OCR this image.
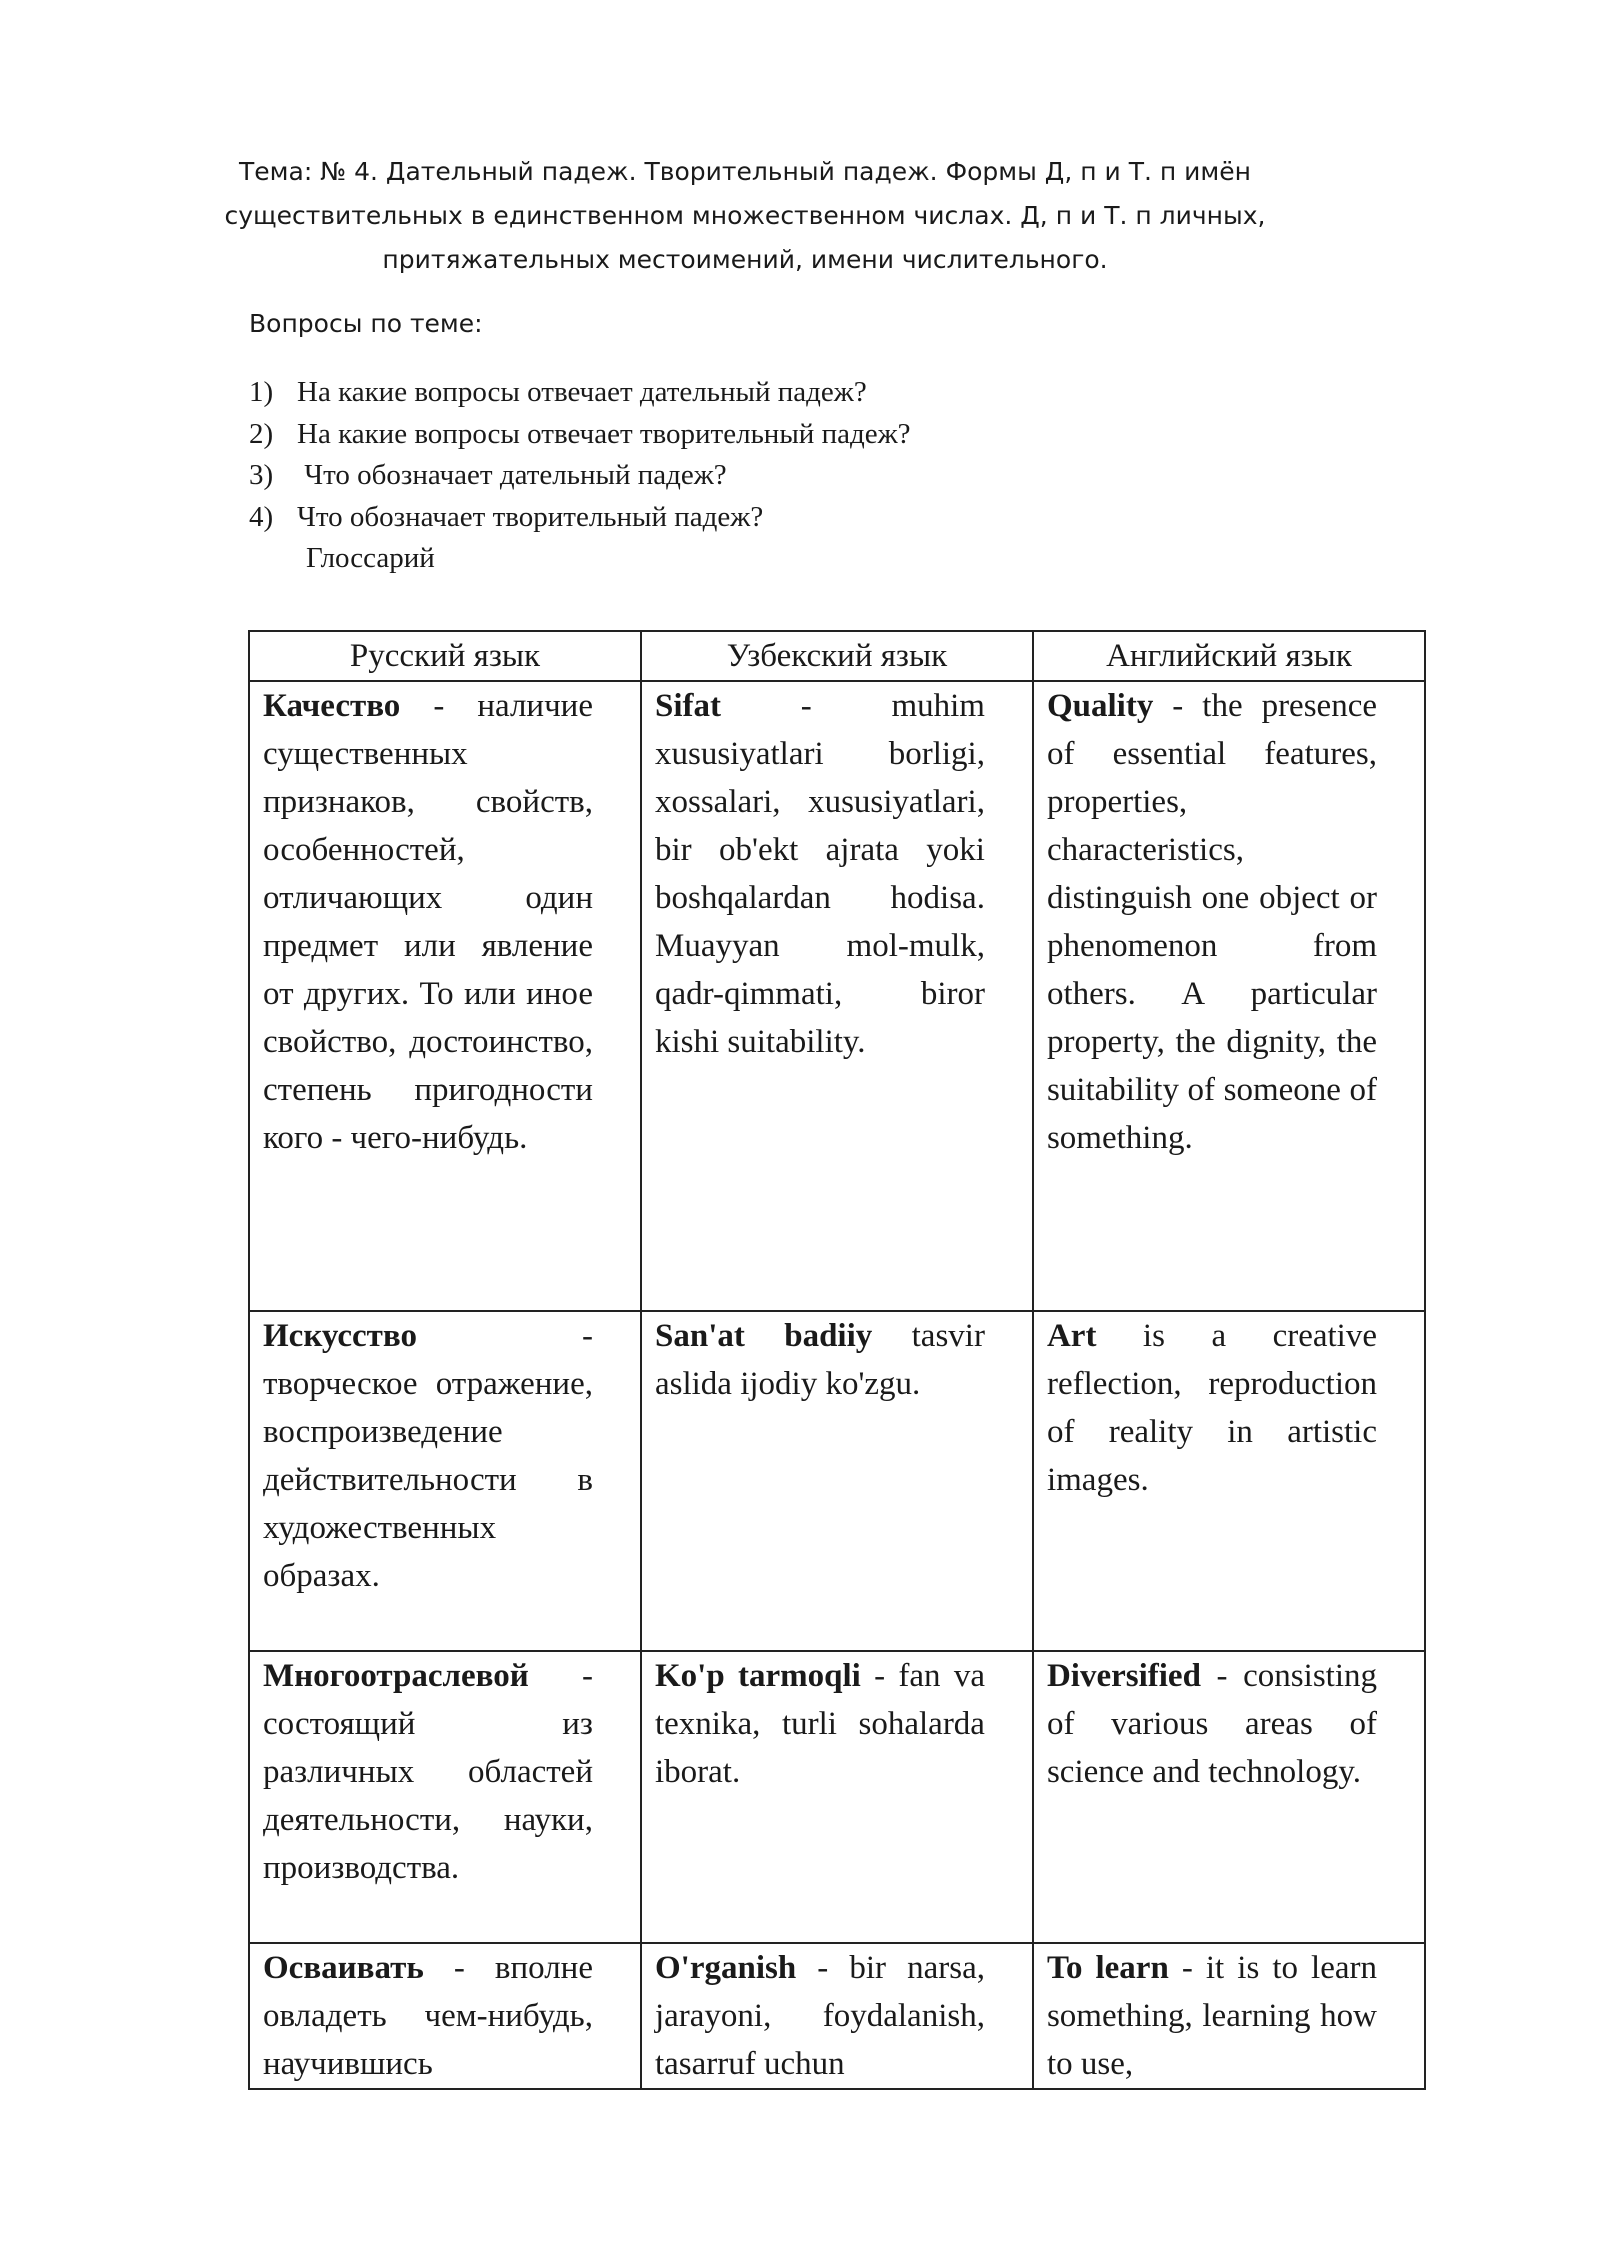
Тема: № 4. Дательный падеж. Творительный падеж. Формы Д, п и Т. п имён существительных в единственном множественном числах. Д, п и Т. п личных, притяжательных местоимений, имени числительного.

Вопросы по теме:

1) На какие вопросы отвечает дательный падеж?
2) На какие вопросы отвечает творительный падеж?
3) Что обозначает дательный падеж?
4) Что обозначает творительный падеж?

Глоссарий

Русский язык	Узбекский язык	Английский язык
Качество - наличие существенных признаков, свойств, особенностей, отличающих один предмет или явление от других. То или иное свойство, достоинство, степень пригодности кого - чего-нибудь.	Sifat - muhim xususiyatlari borligi, xossalari, xususiyatlari, bir ob'ekt ajrata yoki boshqalardan hodisa. Muayyan mol-mulk, qadr-qimmati, biror kishi suitability.	Quality - the presence of essential features, properties, characteristics, distinguish one object or phenomenon from others. A particular property, the dignity, the suitability of someone of something.
Искусство - творческое отражение, воспроизведение действительности в художественных образах.	San'at badiiy tasvir aslida ijodiy ko'zgu.	Art is a creative reflection, reproduction of reality in artistic images.
Многоотраслевой - состоящий из различных областей деятельности, науки, производства.	Ko'p tarmoqli - fan va texnika, turli sohalarda iborat.	Diversified - consisting of various areas of science and technology.
Осваивать - вполне овладеть чем-нибудь, научившись	O'rganish - bir narsa, jarayoni, foydalanish, tasarruf uchun	To learn - it is to learn something, learning how to use,
